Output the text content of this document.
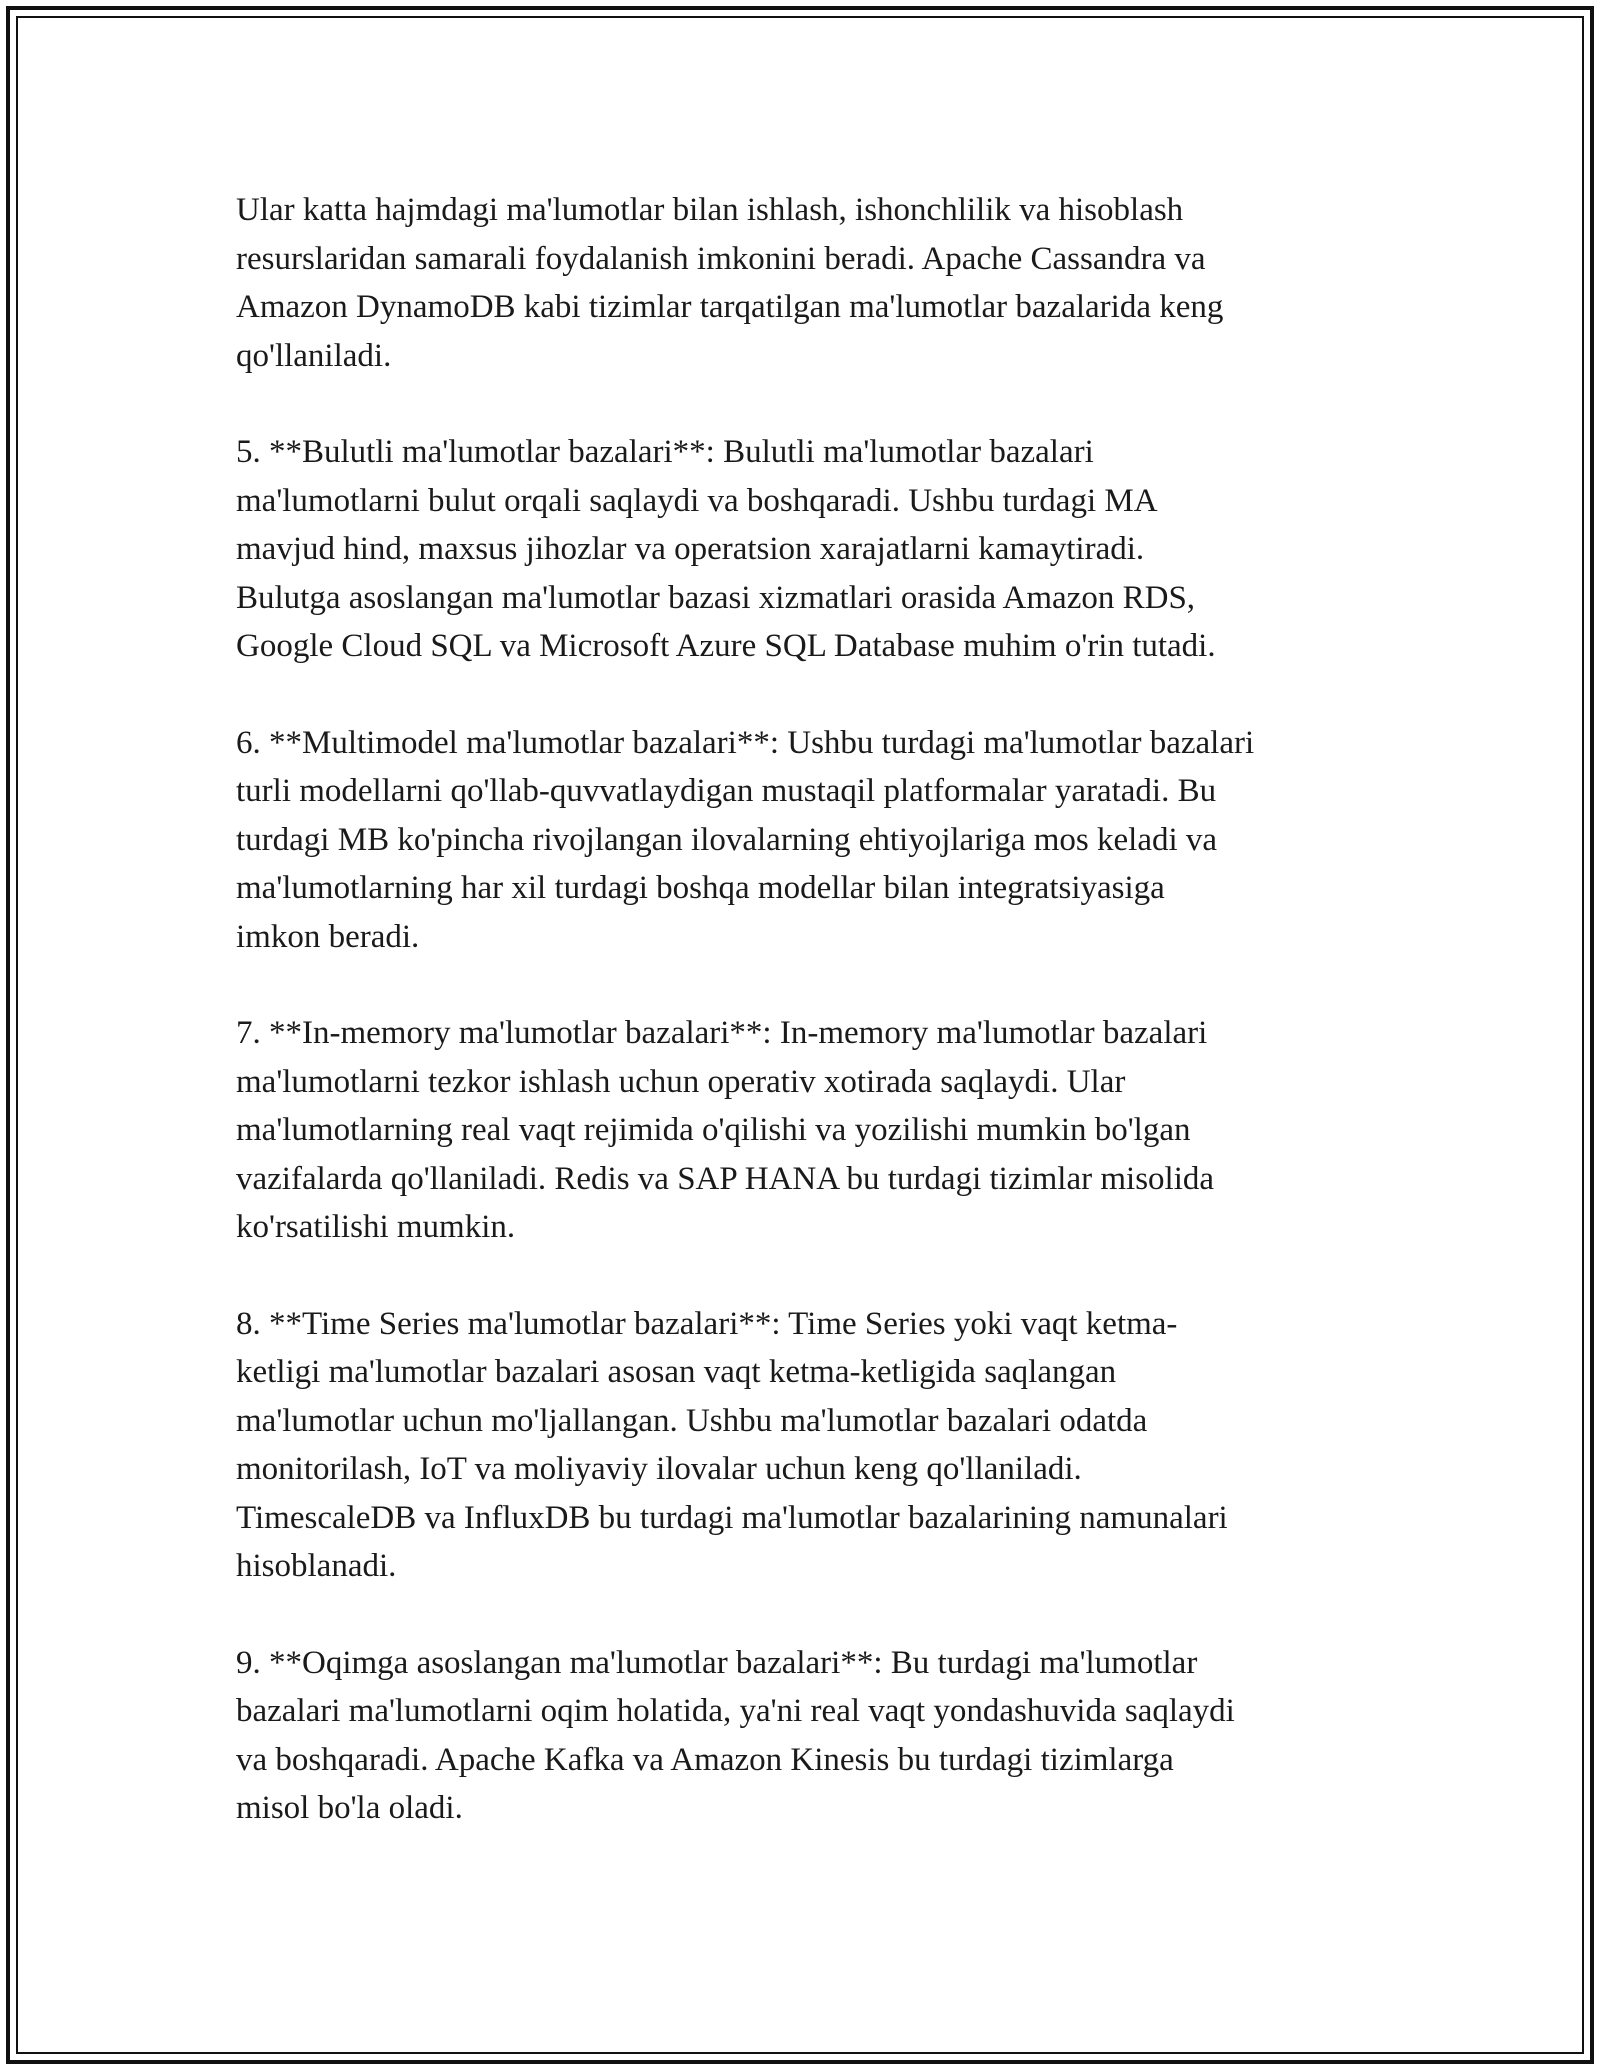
Ular katta hajmdagi ma'lumotlar bilan ishlash, ishonchlilik va hisoblash
resurslaridan samarali foydalanish imkonini beradi. Apache Cassandra va
Amazon DynamoDB kabi tizimlar tarqatilgan ma'lumotlar bazalarida keng
qo'llaniladi.

5. **Bulutli ma'lumotlar bazalari**: Bulutli ma'lumotlar bazalari
ma'lumotlarni bulut orqali saqlaydi va boshqaradi. Ushbu turdagi MA
mavjud hind, maxsus jihozlar va operatsion xarajatlarni kamaytiradi.
Bulutga asoslangan ma'lumotlar bazasi xizmatlari orasida Amazon RDS,
Google Cloud SQL va Microsoft Azure SQL Database muhim o'rin tutadi.

6. **Multimodel ma'lumotlar bazalari**: Ushbu turdagi ma'lumotlar bazalari
turli modellarni qo'llab-quvvatlaydigan mustaqil platformalar yaratadi. Bu
turdagi MB ko'pincha rivojlangan ilovalarning ehtiyojlariga mos keladi va
ma'lumotlarning har xil turdagi boshqa modellar bilan integratsiyasiga
imkon beradi.

7. **In-memory ma'lumotlar bazalari**: In-memory ma'lumotlar bazalari
ma'lumotlarni tezkor ishlash uchun operativ xotirada saqlaydi. Ular
ma'lumotlarning real vaqt rejimida o'qilishi va yozilishi mumkin bo'lgan
vazifalarda qo'llaniladi. Redis va SAP HANA bu turdagi tizimlar misolida
ko'rsatilishi mumkin.

8. **Time Series ma'lumotlar bazalari**: Time Series yoki vaqt ketma-
ketligi ma'lumotlar bazalari asosan vaqt ketma-ketligida saqlangan
ma'lumotlar uchun mo'ljallangan. Ushbu ma'lumotlar bazalari odatda
monitorilash, IoT va moliyaviy ilovalar uchun keng qo'llaniladi.
TimescaleDB va InfluxDB bu turdagi ma'lumotlar bazalarining namunalari
hisoblanadi.

9. **Oqimga asoslangan ma'lumotlar bazalari**: Bu turdagi ma'lumotlar
bazalari ma'lumotlarni oqim holatida, ya'ni real vaqt yondashuvida saqlaydi
va boshqaradi. Apache Kafka va Amazon Kinesis bu turdagi tizimlarga
misol bo'la oladi.
